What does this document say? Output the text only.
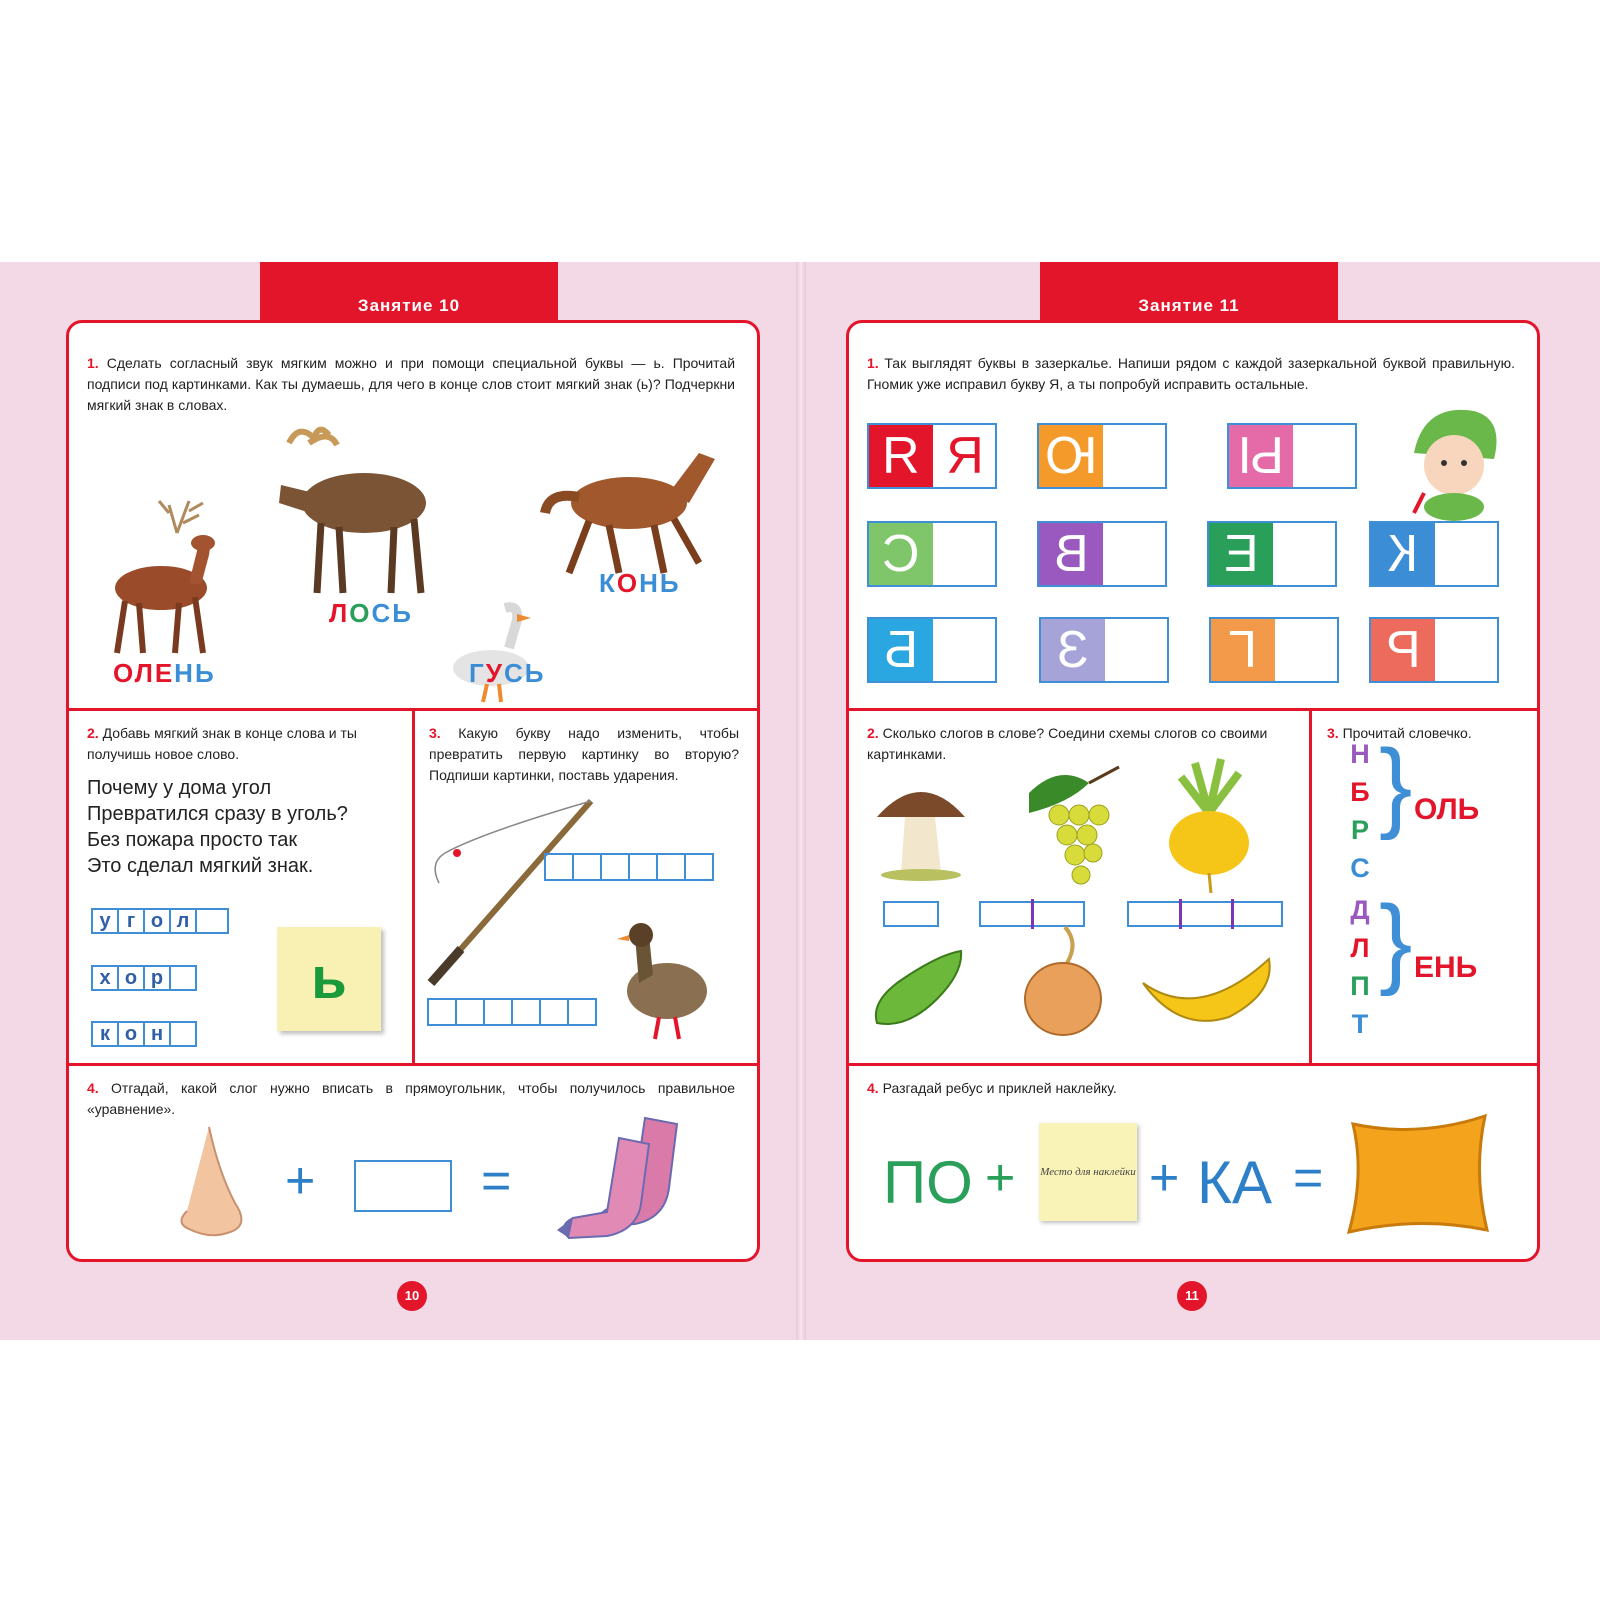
Занятие 10	Занятие 11
1. Сделать согласный звук мягким можно и при помощи специальной буквы — ь. Прочитай подписи под картинками. Как ты думаешь, для чего в конце слов стоит мягкий знак (ь)? Подчеркни мягкий знак в словах.
ОЛЕНЬ
ЛОСЬ
ГУСЬ
КОНЬ
2. Добавь мягкий знак в конце слова и ты получишь новое слово.
Почему у дома угол
Превратился сразу в уголь?
Без пожара просто так
Это сделал мягкий знак.
у г о л
х о р
к о н
ь
3. Какую букву надо изменить, чтобы превратить первую картинку во вторую? Подпиши картинки, поставь ударения.
4. Отгадай, какой слог нужно вписать в прямоугольник, чтобы получилось правильное «уравнение».
+	=
10
1. Так выглядят буквы в зазеркалье. Напиши рядом с каждой зазеркальной буквой правильную. Гномик уже исправил букву Я, а ты попробуй исправить остальные.
Я Я Ю	Ы
С	В	Е	К
Б	З	Г	Р
2. Сколько слогов в слове? Соедини схемы слогов со своими картинками.
3. Прочитай словечко.
Н
Б
Р
С
} ОЛЬ
Д
Л
П
Т
} ЕНЬ
4. Разгадай ребус и приклей наклейку.
ПО + Место для наклейки + КА =
11
